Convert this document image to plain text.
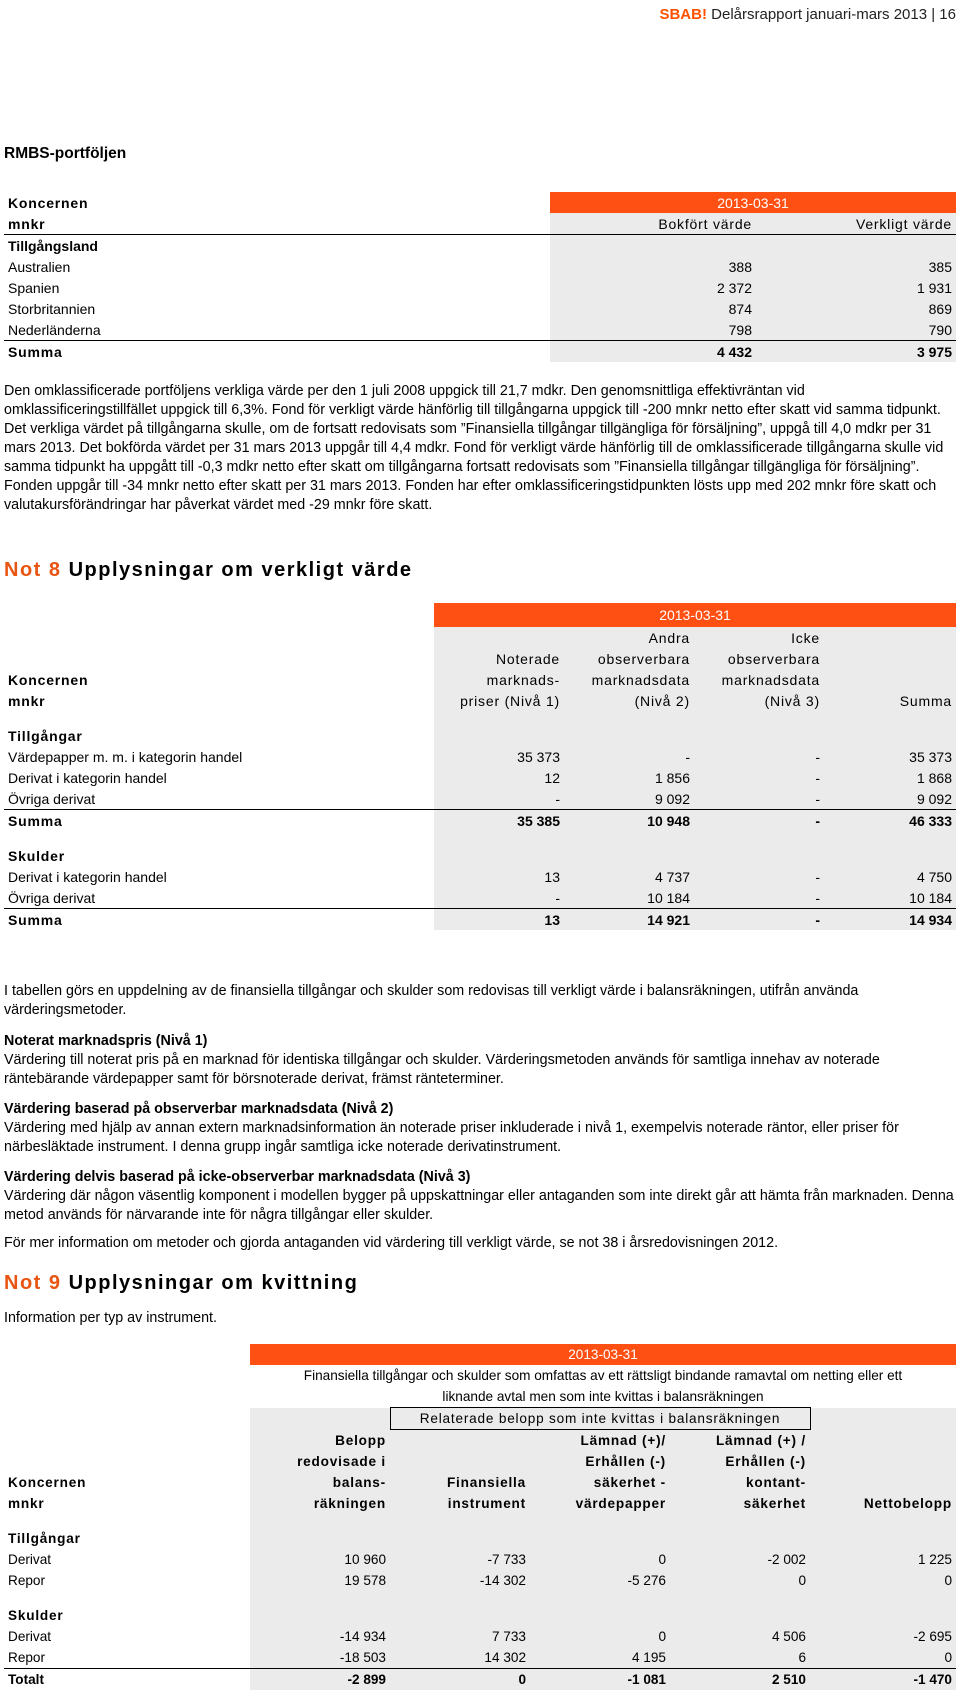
SBAB! Delårsrapport januari-mars 2013 | 16
RMBS-portföljen
Koncernen	2013-03-31	
mnkr	Bokfört värde	Verkligt värde
Tillgångsland		
Australien	388	385
Spanien	2 372	1 931
Storbritannien	874	869
Nederländerna	798	790
Summa	4 432	3 975
Den omklassificerade portföljens verkliga värde per den 1 juli 2008 uppgick till 21,7 mdkr. Den genomsnittliga effektivräntan vid omklassificeringstillfället uppgick till 6,3%. Fond för verkligt värde hänförlig till tillgångarna uppgick till -200 mnkr netto efter skatt vid samma tidpunkt. Det verkliga värdet på tillgångarna skulle, om de fortsatt redovisats som ”Finansiella tillgångar tillgängliga för försäljning”, uppgå till 4,0 mdkr per 31 mars 2013. Det bokförda värdet per 31 mars 2013 uppgår till 4,4 mdkr. Fond för verkligt värde hänförlig till de omklassificerade tillgångarna skulle vid samma tidpunkt ha uppgått till -0,3 mdkr netto efter skatt om tillgångarna fortsatt redovisats som ”Finansiella tillgångar tillgängliga för försäljning”. Fonden uppgår till -34 mnkr netto efter skatt per 31 mars 2013. Fonden har efter omklassificeringstidpunkten lösts upp med 202 mnkr före skatt och valutakursförändringar har påverkat värdet med -29 mnkr före skatt.
Not 8 Upplysningar om verkligt värde
	2013-03-31			
		Andra	Icke	
	Noterade	observerbara	observerbara	
Koncernen	marknads-	marknadsdata	marknadsdata	
mnkr	priser (Nivå 1)	(Nivå 2)	(Nivå 3)	Summa

Tillgångar				
Värdepapper m. m. i kategorin handel	35 373	-	-	35 373
Derivat i kategorin handel	12	1 856	-	1 868
Övriga derivat	-	9 092	-	9 092
Summa	35 385	10 948	-	46 333

Skulder				
Derivat i kategorin handel	13	4 737	-	4 750
Övriga derivat	-	10 184	-	10 184
Summa	13	14 921	-	14 934
I tabellen görs en uppdelning av de finansiella tillgångar och skulder som redovisas till verkligt värde i balansräkningen, utifrån använda värderingsmetoder.
Noterat marknadspris (Nivå 1)
Värdering till noterat pris på en marknad för identiska tillgångar och skulder. Värderingsmetoden används för samtliga innehav av noterade räntebärande värdepapper samt för börsnoterade derivat, främst ränteterminer.
Värdering baserad på observerbar marknadsdata (Nivå 2)
Värdering med hjälp av annan extern marknadsinformation än noterade priser inkluderade i nivå 1, exempelvis noterade räntor, eller priser för närbesläktade instrument. I denna grupp ingår samtliga icke noterade derivatinstrument.
Värdering delvis baserad på icke-observerbar marknadsdata (Nivå 3)
Värdering där någon väsentlig komponent i modellen bygger på uppskattningar eller antaganden som inte direkt går att hämta från marknaden. Denna metod används för närvarande inte för några tillgångar eller skulder.
För mer information om metoder och gjorda antaganden vid värdering till verkligt värde, se not 38 i årsredovisningen 2012.
Not 9 Upplysningar om kvittning
Information per typ av instrument.
	2013-03-31				
	Finansiella tillgångar och skulder som omfattas av ett rättsligt bindande ramavtal om netting eller ett				
	liknande avtal men som inte kvittas i balansräkningen				
		Relaterade belopp som inte kvittas i balansräkningen			
	Belopp		Lämnad (+)/	Lämnad (+) /	
	redovisade i		Erhållen (-)	Erhållen (-)	
Koncernen	balans-	Finansiella	säkerhet -	kontant-	
mnkr	räkningen	instrument	värdepapper	säkerhet	Nettobelopp

Tillgångar					
Derivat	10 960	-7 733	0	-2 002	1 225
Repor	19 578	-14 302	-5 276	0	0

Skulder					
Derivat	-14 934	7 733	0	4 506	-2 695
Repor	-18 503	14 302	4 195	6	0
Totalt	-2 899	0	-1 081	2 510	-1 470
